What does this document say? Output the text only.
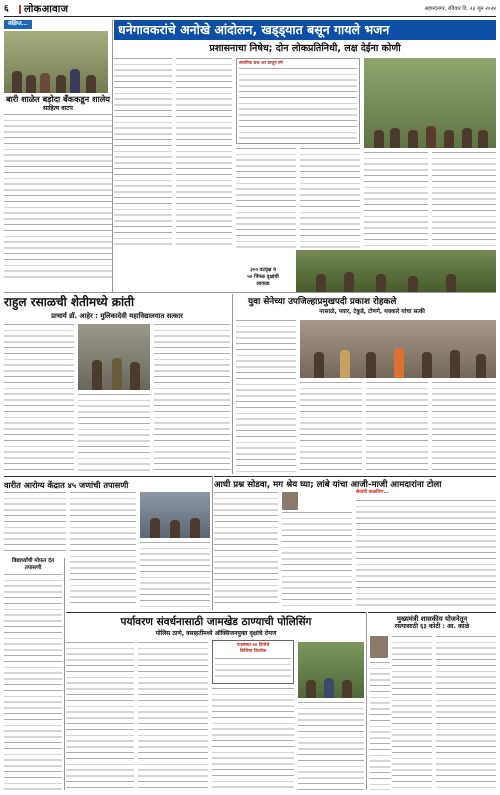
६	लोकआवाज	अहमदनगर, रविवार दि. २३ जून २०२४
संक्षिप्त...
बारी शाळेत बड़ोदा बँककडून शालेय
साहित्य वाटप
धनेगावकरांचे अनोखे आंदोलन, खड्ड्यात बसून गायले भजन
प्रशासनाचा निषेध; दोन लोकप्रतिनिधी, लक्ष देईना कोणी
स्थानिक प्रश्न आ वाचून स्मे
३०० वटवृक्ष व
५० पिंपळ वृक्षांची
लागवड
राहुल रसाळची शेतीमध्ये क्रांती
प्राचार्य डॉ. आहेर : मुलिकादेवी महाविद्यालयात सत्कार
युवा सेनेच्या उपजिल्हाप्रमुखपदी प्रकाश रोहकले
नरसाळे, पवार, टेकुडे, टोणगे, थवकारे यांचा सत्की
वारीत आरोग्य केंद्रात ४५ जणांची तपासणी	आधी प्रश्न सोडवा, मग श्रेय घ्या; लांबे यांचा आजी-माजी आमदारांना टोला
सेवावी कळविण...
विद्यार्थ्यांची मोफत दंत तपासणी
पर्यावरण संवर्धनासाठी जामखेड ठाण्याची पोलिसिंग
पोलिस ठाणे, वसाहतींमध्ये ऑक्सिजनयुक्त वृक्षांचे रोपण
पतसंस्था ७४ डिपोचे
शिलिया कित्येक
मुख्यमंत्री शासकीय योजनेतून
रस्त्यासाठी ६३ कोटी : आ. काळे
